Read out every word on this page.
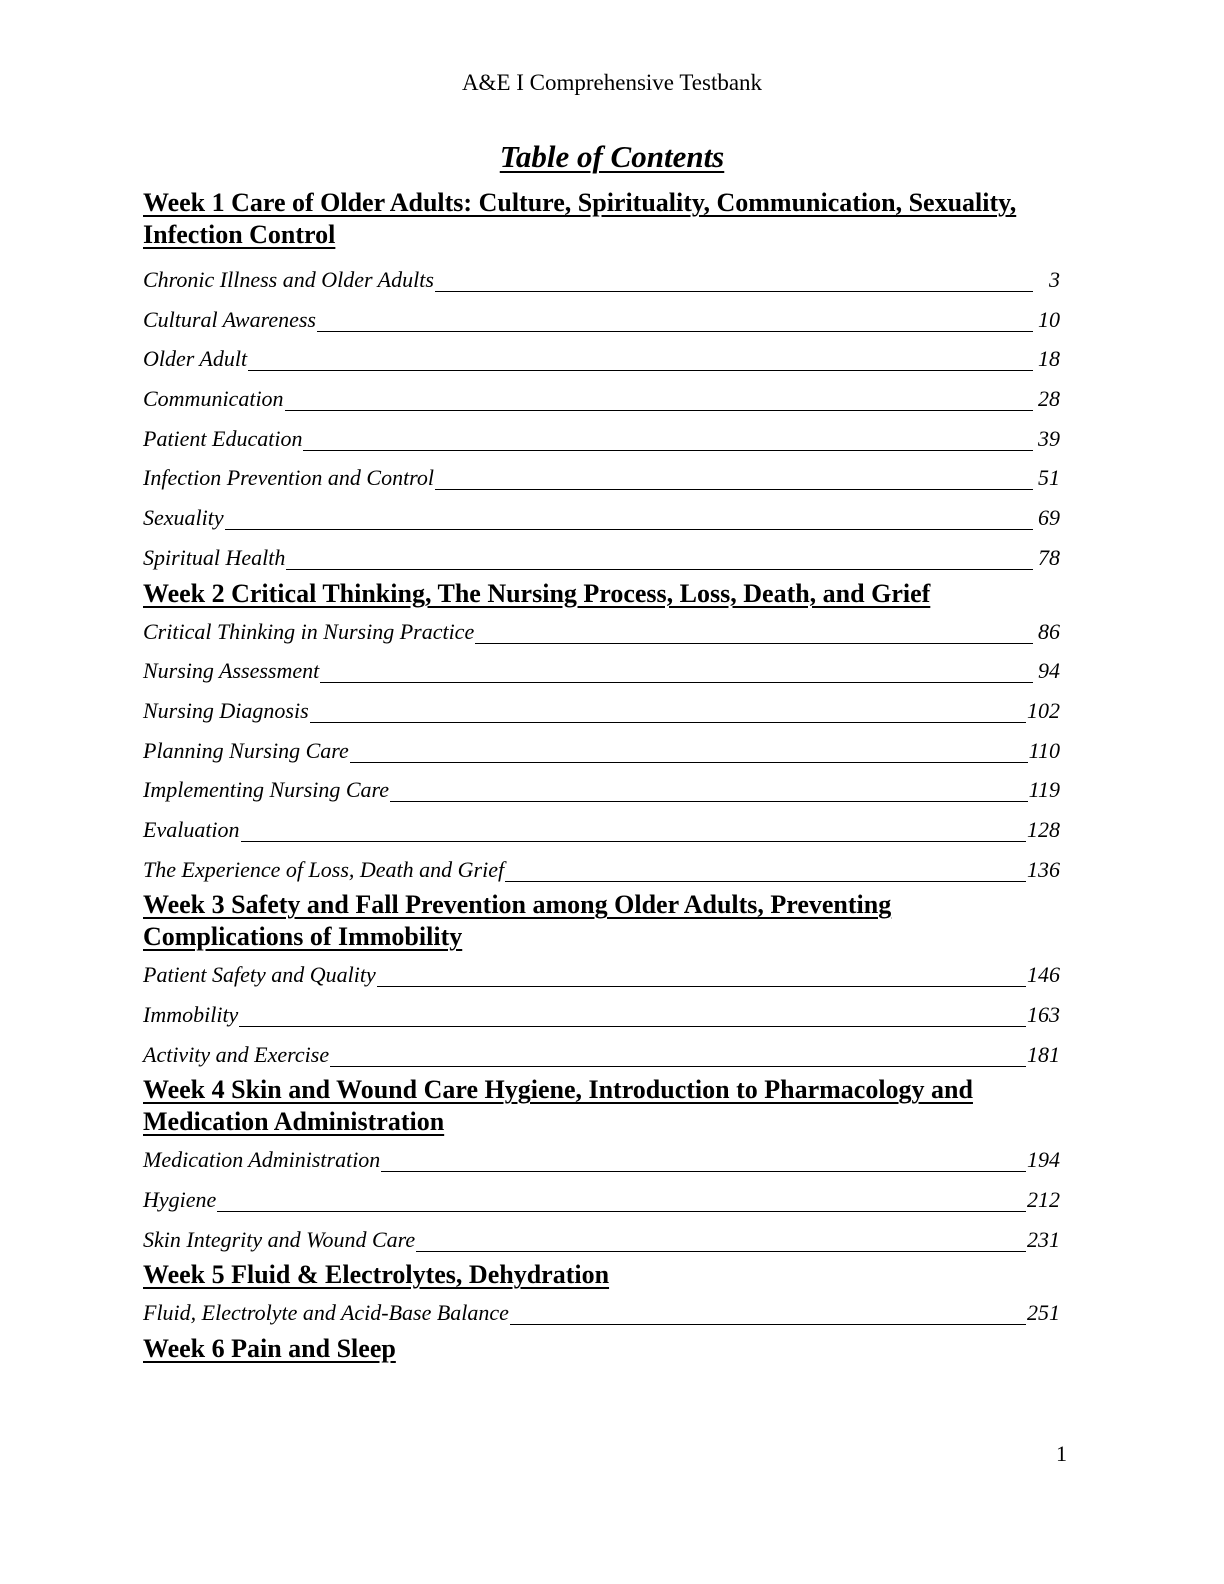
A&E I Comprehensive Testbank
Table of Contents
Week 1 Care of Older Adults: Culture, Spirituality, Communication, Sexuality, Infection Control
Chronic Illness and Older Adults	3
Cultural Awareness	10
Older Adult	18
Communication	28
Patient Education	39
Infection Prevention and Control	51
Sexuality	69
Spiritual Health	78
Week 2 Critical Thinking, The Nursing Process, Loss, Death, and Grief
Critical Thinking in Nursing Practice	86
Nursing Assessment	94
Nursing Diagnosis	102
Planning Nursing Care	110
Implementing Nursing Care	119
Evaluation	128
The Experience of Loss, Death and Grief	136
Week 3 Safety and Fall Prevention among Older Adults, Preventing Complications of Immobility
Patient Safety and Quality	146
Immobility	163
Activity and Exercise	181
Week 4 Skin and Wound Care Hygiene, Introduction to Pharmacology and Medication Administration
Medication Administration	194
Hygiene	212
Skin Integrity and Wound Care	231
Week 5 Fluid & Electrolytes, Dehydration
Fluid, Electrolyte and Acid-Base Balance	251
Week 6 Pain and Sleep
1
